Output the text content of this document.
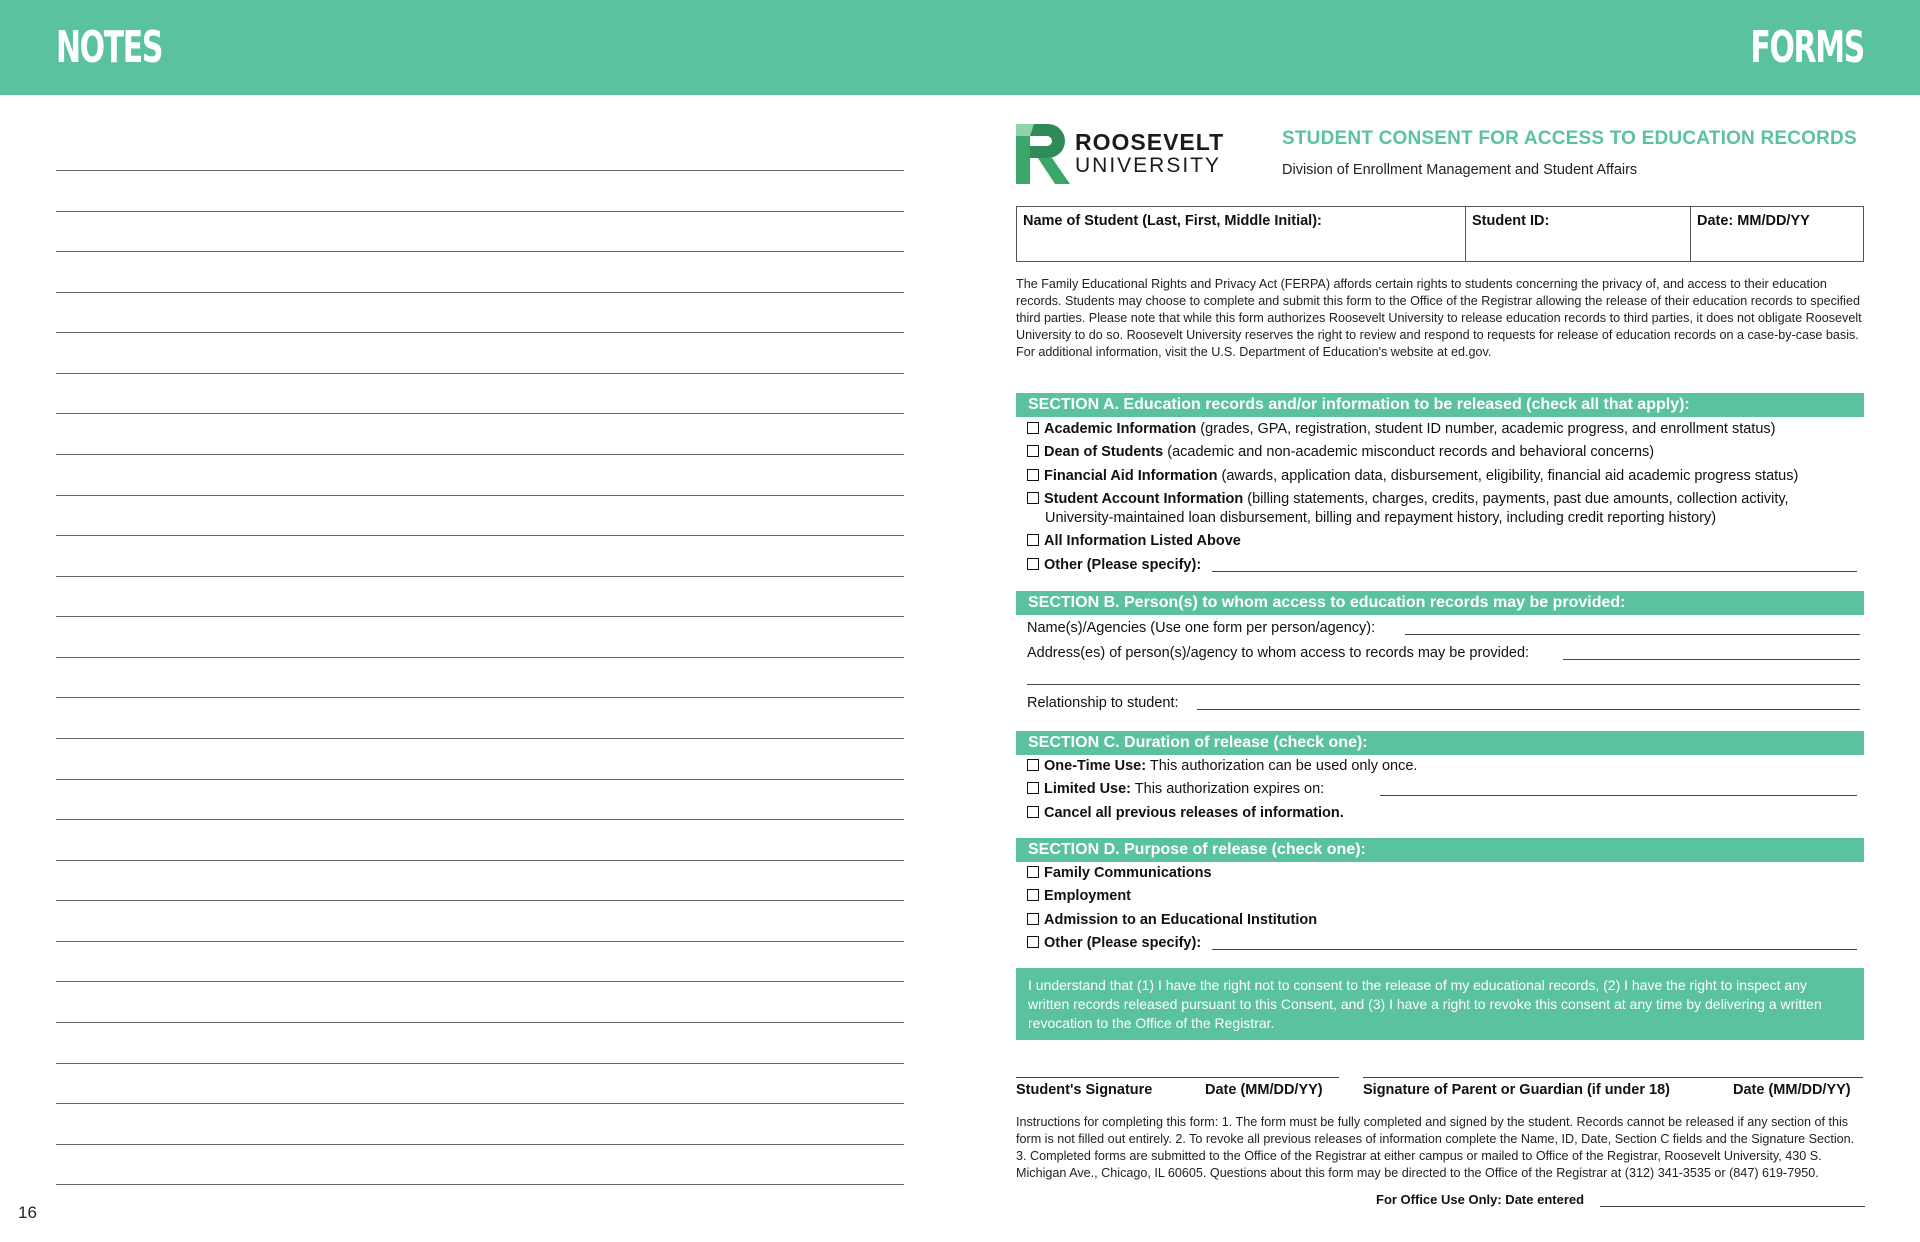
NOTES	FORMS
16
ROOSEVELT
UNIVERSITY
STUDENT CONSENT FOR ACCESS TO EDUCATION RECORDS
Division of Enrollment Management and Student Affairs
Name of Student (Last, First, Middle Initial):	Student ID:	Date: MM/DD/YY
The Family Educational Rights and Privacy Act (FERPA) affords certain rights to students concerning the privacy of, and access to their education records. Students may choose to complete and submit this form to the Office of the Registrar allowing the release of their education records to specified third parties. Please note that while this form authorizes Roosevelt University to release education records to third parties, it does not obligate Roosevelt University to do so. Roosevelt University reserves the right to review and respond to requests for release of education records on a case-by-case basis. For additional information, visit the U.S. Department of Education's website at ed.gov.
SECTION A. Education records and/or information to be released (check all that apply):
Academic Information (grades, GPA, registration, student ID number, academic progress, and enrollment status)
Dean of Students (academic and non-academic misconduct records and behavioral concerns)
Financial Aid Information (awards, application data, disbursement, eligibility, financial aid academic progress status)
Student Account Information (billing statements, charges, credits, payments, past due amounts, collection activity,
University-maintained loan disbursement, billing and repayment history, including credit reporting history)
All Information Listed Above
Other (Please specify):
SECTION B. Person(s) to whom access to education records may be provided:
Name(s)/Agencies (Use one form per person/agency):
Address(es) of person(s)/agency to whom access to records may be provided:
Relationship to student:
SECTION C. Duration of release (check one):
One-Time Use: This authorization can be used only once.
Limited Use: This authorization expires on:
Cancel all previous releases of information.
SECTION D. Purpose of release (check one):
Family Communications
Employment
Admission to an Educational Institution
Other (Please specify):
I understand that (1) I have the right not to consent to the release of my educational records, (2) I have the right to inspect any written records released pursuant to this Consent, and (3) I have a right to revoke this consent at any time by delivering a written revocation to the Office of the Registrar.
Student's Signature	Date (MM/DD/YY)	Signature of Parent or Guardian (if under 18)	Date (MM/DD/YY)
Instructions for completing this form: 1. The form must be fully completed and signed by the student. Records cannot be released if any section of this form is not filled out entirely. 2. To revoke all previous releases of information complete the Name, ID, Date, Section C fields and the Signature Section. 3. Completed forms are submitted to the Office of the Registrar at either campus or mailed to Office of the Registrar, Roosevelt University, 430 S. Michigan Ave., Chicago, IL 60605. Questions about this form may be directed to the Office of the Registrar at (312) 341-3535 or (847) 619-7950.
For Office Use Only: Date entered
